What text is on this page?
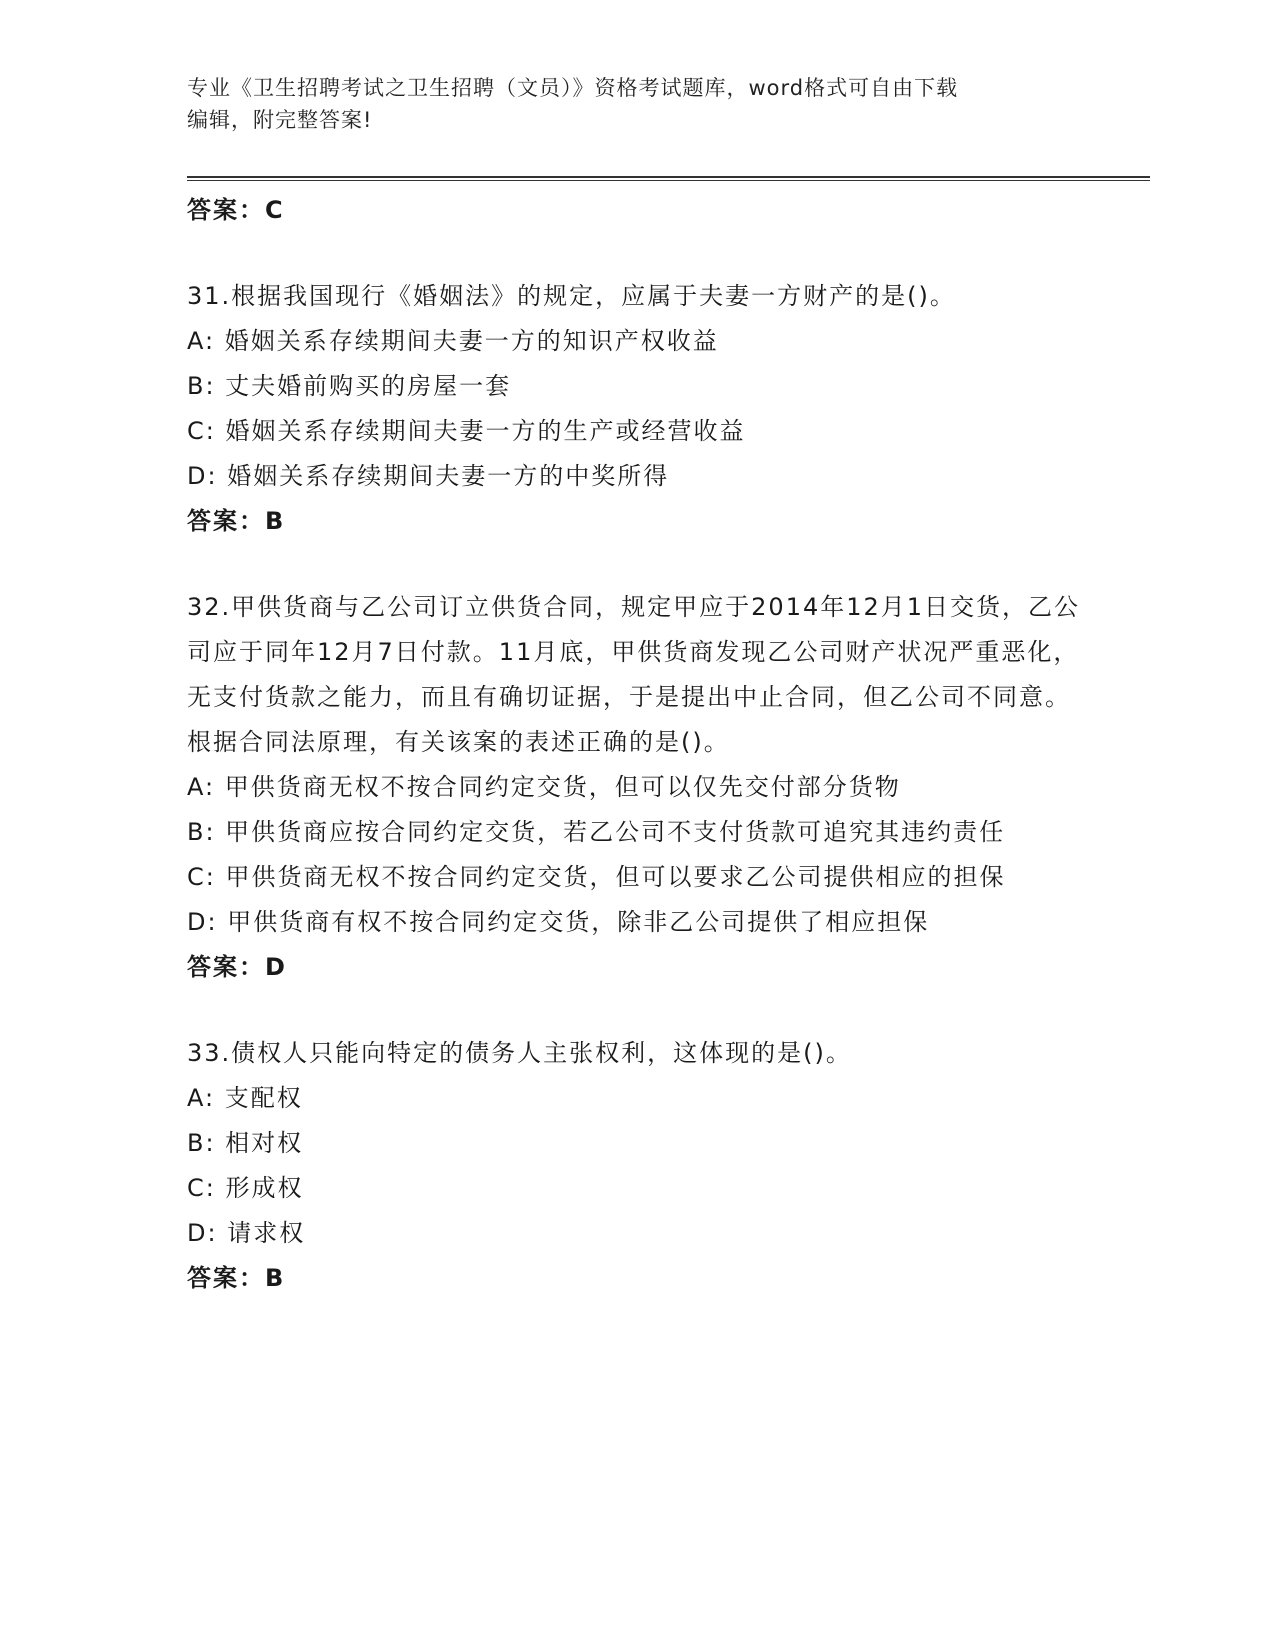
专业《卫生招聘考试之卫生招聘（文员）》资格考试题库，word格式可自由下载
编辑，附完整答案!
答案：C

31.根据我国现行《婚姻法》的规定，应属于夫妻一方财产的是()。

A: 婚姻关系存续期间夫妻一方的知识产权收益

B: 丈夫婚前购买的房屋一套

C: 婚姻关系存续期间夫妻一方的生产或经营收益

D: 婚姻关系存续期间夫妻一方的中奖所得

答案：B

32.甲供货商与乙公司订立供货合同，规定甲应于2014年12月1日交货，乙公司应于同年12月7日付款。11月底，甲供货商发现乙公司财产状况严重恶化，无支付货款之能力，而且有确切证据，于是提出中止合同，但乙公司不同意。根据合同法原理，有关该案的表述正确的是()。

A: 甲供货商无权不按合同约定交货，但可以仅先交付部分货物

B: 甲供货商应按合同约定交货，若乙公司不支付货款可追究其违约责任

C: 甲供货商无权不按合同约定交货，但可以要求乙公司提供相应的担保

D: 甲供货商有权不按合同约定交货，除非乙公司提供了相应担保

答案：D

33.债权人只能向特定的债务人主张权利，这体现的是()。

A: 支配权

B: 相对权

C: 形成权

D: 请求权

答案：B
